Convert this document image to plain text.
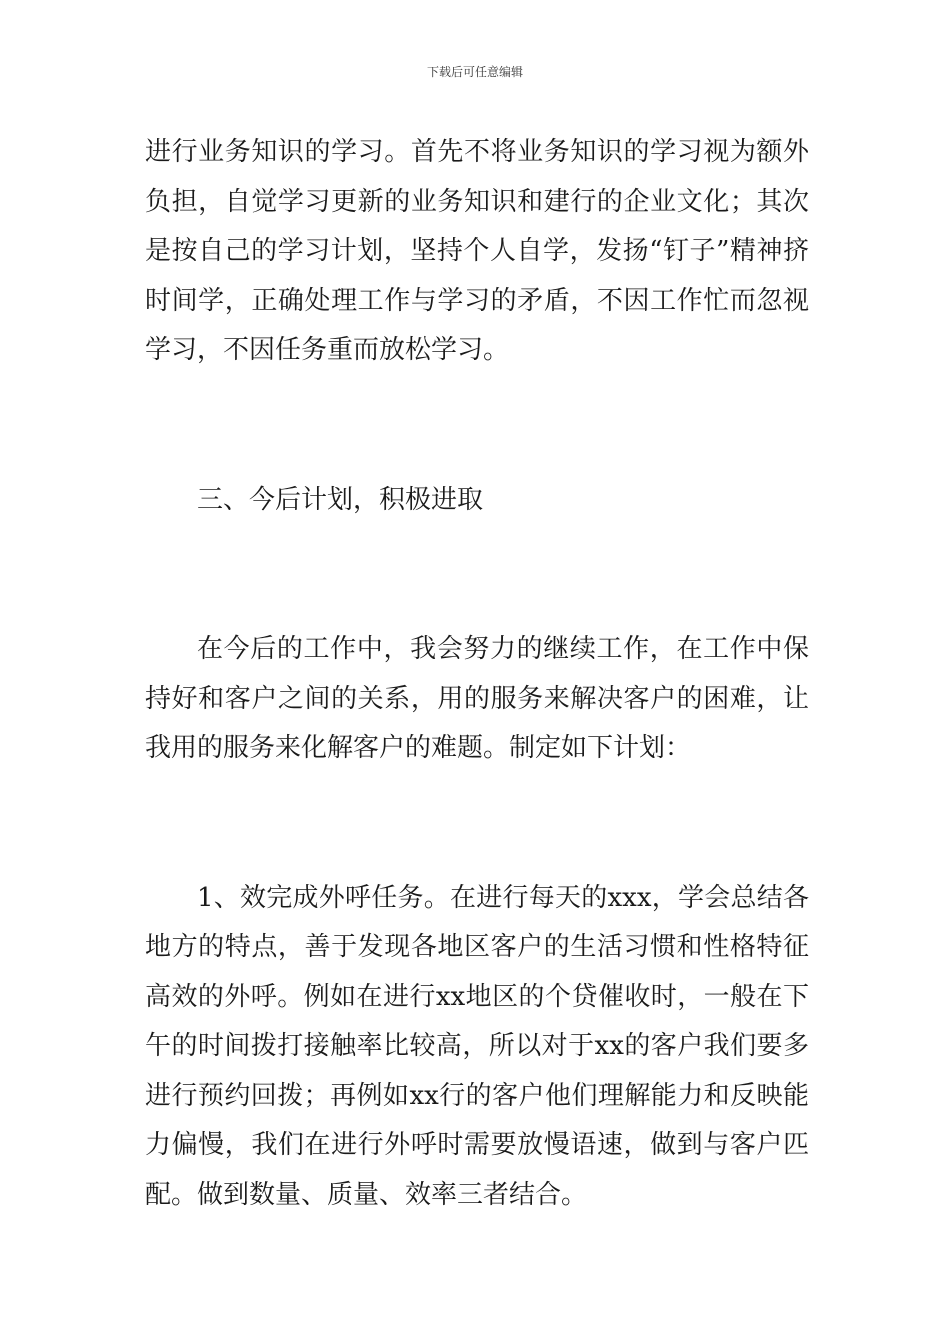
下载后可任意编辑

进行业务知识的学习。首先不将业务知识的学习视为额外负担，自觉学习更新的业务知识和建行的企业文化；其次是按自己的学习计划，坚持个人自学，发扬“钉子”精神挤时间学，正确处理工作与学习的矛盾，不因工作忙而忽视学习，不因任务重而放松学习。

三、今后计划，积极进取

在今后的工作中，我会努力的继续工作，在工作中保持好和客户之间的关系，用的服务来解决客户的困难，让我用的服务来化解客户的难题。制定如下计划：

1、效完成外呼任务。在进行每天的xxx，学会总结各地方的特点，善于发现各地区客户的生活习惯和性格特征高效的外呼。例如在进行xx地区的个贷催收时，一般在下午的时间拨打接触率比较高，所以对于xx的客户我们要多进行预约回拨；再例如xx行的客户他们理解能力和反映能力偏慢，我们在进行外呼时需要放慢语速，做到与客户匹配。做到数量、质量、效率三者结合。
